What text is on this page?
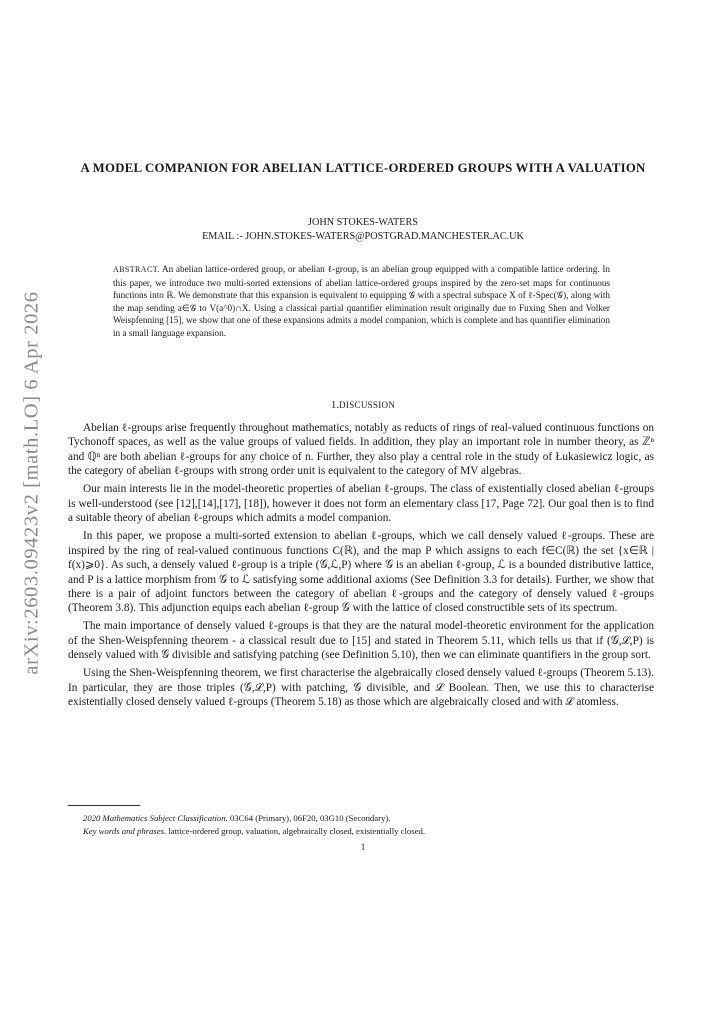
arXiv:2603.09423v2 [math.LO] 6 Apr 2026
A MODEL COMPANION FOR ABELIAN LATTICE-ORDERED GROUPS WITH A VALUATION
JOHN STOKES-WATERS
EMAIL :- JOHN.STOKES-WATERS@POSTGRAD.MANCHESTER.AC.UK
ABSTRACT. An abelian lattice-ordered group, or abelian ℓ-group, is an abelian group equipped with a compatible lattice ordering. In this paper, we introduce two multi-sorted extensions of abelian lattice-ordered groups inspired by the zero-set maps for continuous functions into ℝ. We demonstrate that this expansion is equivalent to equipping 𝒢 with a spectral subspace X of ℓ-Spec(𝒢), along with the map sending a∈𝒢 to V(a^0)∩X. Using a classical partial quantifier elimination result originally due to Fuxing Shen and Volker Weispfenning [15], we show that one of these expansions admits a model companion, which is complete and has quantifier elimination in a small language expansion.
1.DISCUSSION

Abelian ℓ-groups arise frequently throughout mathematics, notably as reducts of rings of real-valued continuous functions on Tychonoff spaces, as well as the value groups of valued fields. In addition, they play an important role in number theory, as ℤⁿ and ℚⁿ are both abelian ℓ-groups for any choice of n. Further, they also play a central role in the study of Łukasiewicz logic, as the category of abelian ℓ-groups with strong order unit is equivalent to the category of MV algebras.

Our main interests lie in the model-theoretic properties of abelian ℓ-groups. The class of existentially closed abelian ℓ-groups is well-understood (see [12],[14],[17], [18]), however it does not form an elementary class [17, Page 72]. Our goal then is to find a suitable theory of abelian ℓ-groups which admits a model companion.

In this paper, we propose a multi-sorted extension to abelian ℓ-groups, which we call densely valued ℓ-groups. These are inspired by the ring of real-valued continuous functions C(ℝ), and the map P which assigns to each f∈C(ℝ) the set {x∈ℝ | f(x)⩾0}. As such, a densely valued ℓ-group is a triple (𝒢,ℒ,P) where 𝒢 is an abelian ℓ-group, ℒ is a bounded distributive lattice, and P is a lattice morphism from 𝒢 to ℒ satisfying some additional axioms (See Definition 3.3 for details). Further, we show that there is a pair of adjoint functors between the category of abelian ℓ-groups and the category of densely valued ℓ-groups (Theorem 3.8). This adjunction equips each abelian ℓ-group 𝒢 with the lattice of closed constructible sets of its spectrum.

The main importance of densely valued ℓ-groups is that they are the natural model-theoretic environment for the application of the Shen-Weispfenning theorem - a classical result due to [15] and stated in Theorem 5.11, which tells us that if (𝒢,ℒ,P) is densely valued with 𝒢 divisible and satisfying patching (see Definition 5.10), then we can eliminate quantifiers in the group sort.

Using the Shen-Weispfenning theorem, we first characterise the algebraically closed densely valued ℓ-groups (Theorem 5.13). In particular, they are those triples (𝒢,ℒ,P) with patching, 𝒢 divisible, and ℒ Boolean. Then, we use this to characterise existentially closed densely valued ℓ-groups (Theorem 5.18) as those which are algebraically closed and with ℒ atomless.

2020 Mathematics Subject Classification. 03C64 (Primary), 06F20, 03G10 (Secondary).
Key words and phrases. lattice-ordered group, valuation, algebraically closed, existentially closed.
1
